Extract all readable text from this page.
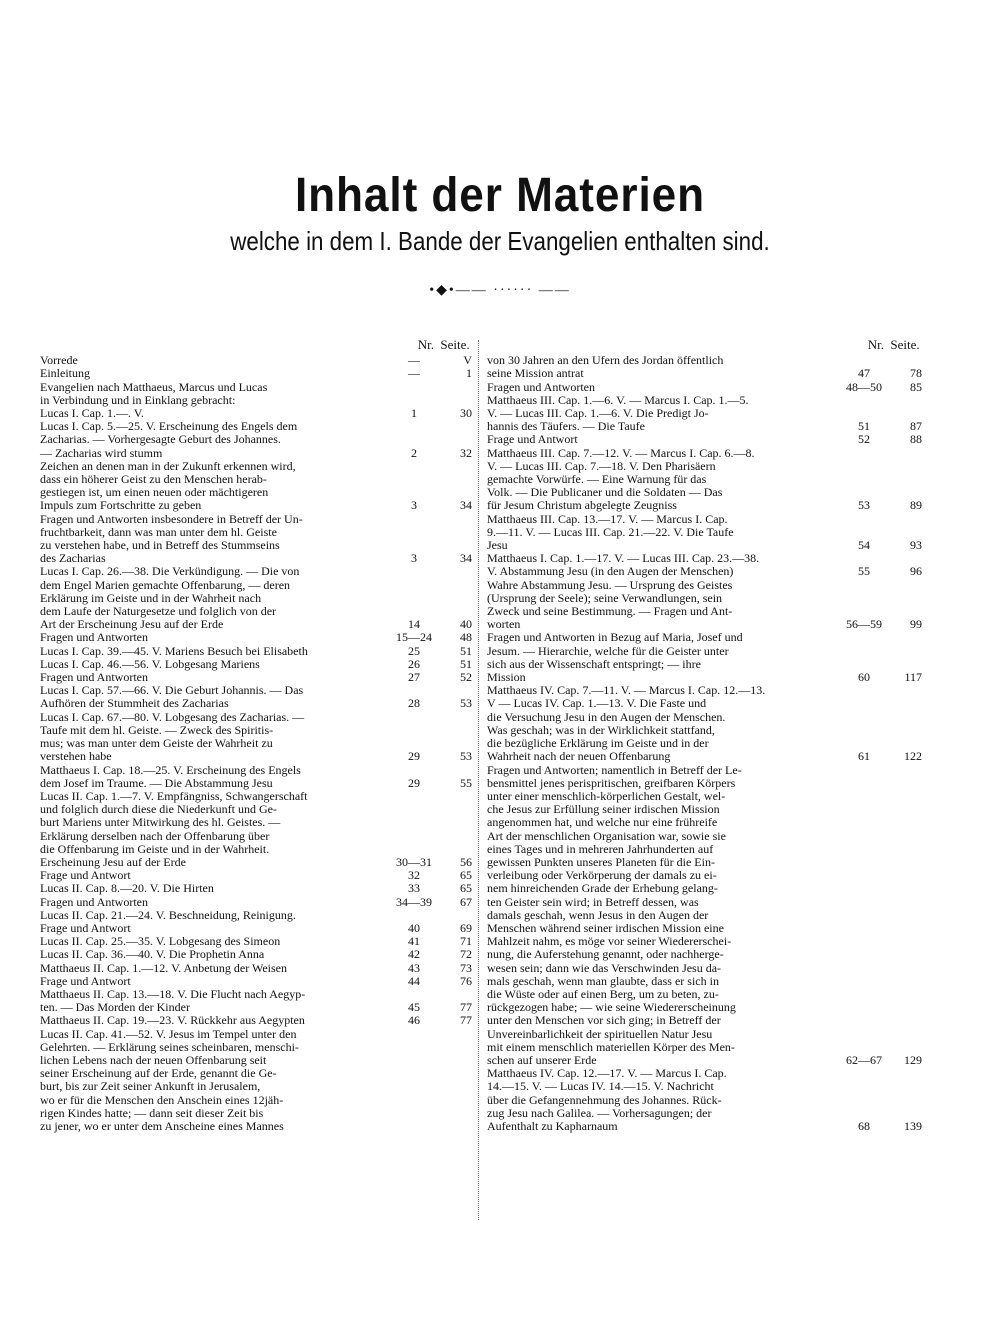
Inhalt der Materien
welche in dem I. Bande der Evangelien enthalten sind.
•◆•—— ······ ——
Nr. Seite.
Vorrede	—	V
Einleitung	—	1
Evangelien nach Matthaeus, Marcus und Lucas
in Verbindung und in Einklang gebracht:
Lucas I. Cap. 1.—. V.	1	30
Lucas I. Cap. 5.—25. V. Erscheinung des Engels dem
Zacharias. — Vorhergesagte Geburt des Johannes.
— Zacharias wird stumm	2	32
Zeichen an denen man in der Zukunft erkennen wird,
dass ein höherer Geist zu den Menschen herab-
gestiegen ist, um einen neuen oder mächtigeren
Impuls zum Fortschritte zu geben	3	34
Fragen und Antworten insbesondere in Betreff der Un-
fruchtbarkeit, dann was man unter dem hl. Geiste
zu verstehen habe, und in Betreff des Stummseins
des Zacharias	3	34
Lucas I. Cap. 26.—38. Die Verkündigung. — Die von
dem Engel Marien gemachte Offenbarung, — deren
Erklärung im Geiste und in der Wahrheit nach
dem Laufe der Naturgesetze und folglich von der
Art der Erscheinung Jesu auf der Erde	14	40
Fragen und Antworten	15—24	48
Lucas I. Cap. 39.—45. V. Mariens Besuch bei Elisabeth	25	51
Lucas I. Cap. 46.—56. V. Lobgesang Mariens	26	51
Fragen und Antworten	27	52
Lucas I. Cap. 57.—66. V. Die Geburt Johannis. — Das
Aufhören der Stummheit des Zacharias	28	53
Lucas I. Cap. 67.—80. V. Lobgesang des Zacharias. —
Taufe mit dem hl. Geiste. — Zweck des Spiritis-
mus; was man unter dem Geiste der Wahrheit zu
verstehen habe	29	53
Matthaeus I. Cap. 18.—25. V. Erscheinung des Engels
dem Josef im Traume. — Die Abstammung Jesu	29	55
Lucas II. Cap. 1.—7. V. Empfängniss, Schwangerschaft
und folglich durch diese die Niederkunft und Ge-
burt Mariens unter Mitwirkung des hl. Geistes. —
Erklärung derselben nach der Offenbarung über
die Offenbarung im Geiste und in der Wahrheit.
Erscheinung Jesu auf der Erde	30—31	56
Frage und Antwort	32	65
Lucas II. Cap. 8.—20. V. Die Hirten	33	65
Fragen und Antworten	34—39	67
Lucas II. Cap. 21.—24. V. Beschneidung, Reinigung.
Frage und Antwort	40	69
Lucas II. Cap. 25.—35. V. Lobgesang des Simeon	41	71
Lucas II. Cap. 36.—40. V. Die Prophetin Anna	42	72
Matthaeus II. Cap. 1.—12. V. Anbetung der Weisen	43	73
Frage und Antwort	44	76
Matthaeus II. Cap. 13.—18. V. Die Flucht nach Aegyp-
ten. — Das Morden der Kinder	45	77
Matthaeus II. Cap. 19.—23. V. Rückkehr aus Aegypten	46	77
Lucas II. Cap. 41.—52. V. Jesus im Tempel unter den
Gelehrten. — Erklärung seines scheinbaren, menschi-
lichen Lebens nach der neuen Offenbarung seit
seiner Erscheinung auf der Erde, genannt die Ge-
burt, bis zur Zeit seiner Ankunft in Jerusalem,
wo er für die Menschen den Anschein eines 12jäh-
rigen Kindes hatte; — dann seit dieser Zeit bis
zu jener, wo er unter dem Anscheine eines Mannes
Nr. Seite.
von 30 Jahren an den Ufern des Jordan öffentlich
seine Mission antrat	47	78
Fragen und Antworten	48—50	85
Matthaeus III. Cap. 1.—6. V. — Marcus I. Cap. 1.—5.
V. — Lucas III. Cap. 1.—6. V. Die Predigt Jo-
hannis des Täufers. — Die Taufe	51	87
Frage und Antwort	52	88
Matthaeus III. Cap. 7.—12. V. — Marcus I. Cap. 6.—8.
V. — Lucas III. Cap. 7.—18. V. Den Pharisäern
gemachte Vorwürfe. — Eine Warnung für das
Volk. — Die Publicaner und die Soldaten — Das
für Jesum Christum abgelegte Zeugniss	53	89
Matthaeus III. Cap. 13.—17. V. — Marcus I. Cap.
9.—11. V. — Lucas III. Cap. 21.—22. V. Die Taufe
Jesu	54	93
Matthaeus I. Cap. 1.—17. V. — Lucas III. Cap. 23.—38.
V. Abstammung Jesu (in den Augen der Menschen)	55	96
Wahre Abstammung Jesu. — Ursprung des Geistes
(Ursprung der Seele); seine Verwandlungen, sein
Zweck und seine Bestimmung. — Fragen und Ant-
worten	56—59	99
Fragen und Antworten in Bezug auf Maria, Josef und
Jesum. — Hierarchie, welche für die Geister unter
sich aus der Wissenschaft entspringt; — ihre
Mission	60	117
Matthaeus IV. Cap. 7.—11. V. — Marcus I. Cap. 12.—13.
V — Lucas IV. Cap. 1.—13. V. Die Faste und
die Versuchung Jesu in den Augen der Menschen.
Was geschah; was in der Wirklichkeit stattfand,
die bezügliche Erklärung im Geiste und in der
Wahrheit nach der neuen Offenbarung	61	122
Fragen und Antworten; namentlich in Betreff der Le-
bensmittel jenes perispritischen, greifbaren Körpers
unter einer menschlich-körperlichen Gestalt, wel-
che Jesus zur Erfüllung seiner irdischen Mission
angenommen hat, und welche nur eine frühreife
Art der menschlichen Organisation war, sowie sie
eines Tages und in mehreren Jahrhunderten auf
gewissen Punkten unseres Planeten für die Ein-
verleibung oder Verkörperung der damals zu ei-
nem hinreichenden Grade der Erhebung gelang-
ten Geister sein wird; in Betreff dessen, was
damals geschah, wenn Jesus in den Augen der
Menschen während seiner irdischen Mission eine
Mahlzeit nahm, es möge vor seiner Wiedererschei-
nung, die Auferstehung genannt, oder nachherge-
wesen sein; dann wie das Verschwinden Jesu da-
mals geschah, wenn man glaubte, dass er sich in
die Wüste oder auf einen Berg, um zu beten, zu-
rückgezogen habe; — wie seine Wiedererscheinung
unter den Menschen vor sich ging; in Betreff der
Unvereinbarlichkeit der spirituellen Natur Jesu
mit einem menschlich materiellen Körper des Men-
schen auf unserer Erde	62—67	129
Matthaeus IV. Cap. 12.—17. V. — Marcus I. Cap.
14.—15. V. — Lucas IV. 14.—15. V. Nachricht
über die Gefangennehmung des Johannes. Rück-
zug Jesu nach Galilea. — Vorhersagungen; der
Aufenthalt zu Kapharnaum	68	139
